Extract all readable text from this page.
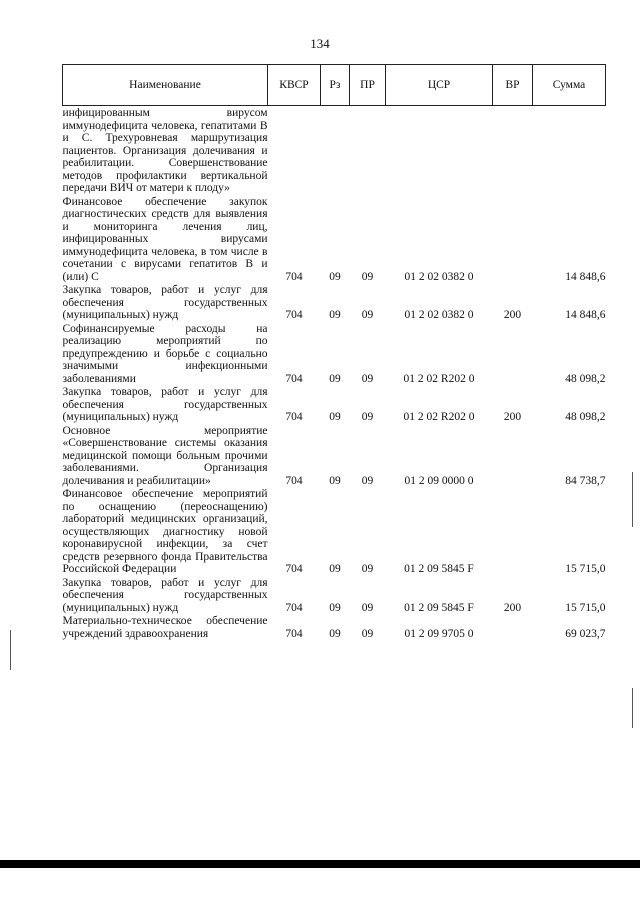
134
Наименование	КВСР	Рз	ПР	ЦСР	ВР	Сумма
инфицированным вирусом иммунодефицита человека, гепатитами В и С. Трехуровневая маршрутизация пациентов. Организация долечивания и реабилитации. Совершенствование методов профилактики вертикальной передачи ВИЧ от матери к плоду»						
Финансовое обеспечение закупок диагностических средств для выявления и мониторинга лечения лиц, инфицированных вирусами иммунодефицита человека, в том числе в сочетании с вирусами гепатитов В и (или) С	704	09	09	01 2 02 0382 0		14 848,6
Закупка товаров, работ и услуг для обеспечения государственных (муниципальных) нужд	704	09	09	01 2 02 0382 0	200	14 848,6
Софинансируемые расходы на реализацию мероприятий по предупреждению и борьбе с социально значимыми инфекционными заболеваниями	704	09	09	01 2 02 R202 0		48 098,2
Закупка товаров, работ и услуг для обеспечения государственных (муниципальных) нужд	704	09	09	01 2 02 R202 0	200	48 098,2
Основное мероприятие «Совершенствование системы оказания медицинской помощи больным прочими заболеваниями. Организация долечивания и реабилитации»	704	09	09	01 2 09 0000 0		84 738,7
Финансовое обеспечение мероприятий по оснащению (переоснащению) лабораторий медицинских организаций, осуществляющих диагностику новой коронавирусной инфекции, за счет средств резервного фонда Правительства Российской Федерации	704	09	09	01 2 09 5845 F		15 715,0
Закупка товаров, работ и услуг для обеспечения государственных (муниципальных) нужд	704	09	09	01 2 09 5845 F	200	15 715,0
Материально-техническое обеспечение учреждений здравоохранения	704	09	09	01 2 09 9705 0		69 023,7
